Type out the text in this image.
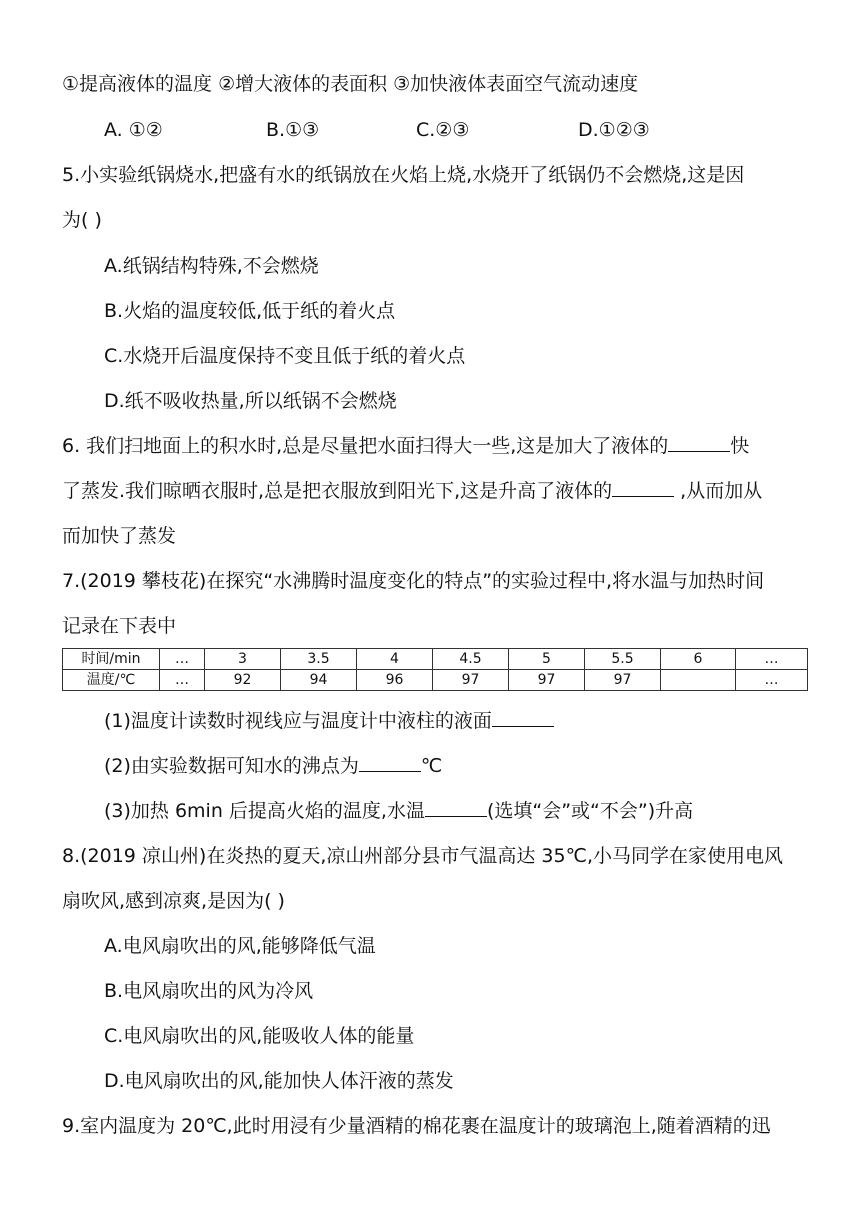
①提高液体的温度 ②增大液体的表面积 ③加快液体表面空气流动速度
A. ①②	B.①③	C.②③	D.①②③
5.小实验纸锅烧水,把盛有水的纸锅放在火焰上烧,水烧开了纸锅仍不会燃烧,这是因
为( )
A.纸锅结构特殊,不会燃烧
B.火焰的温度较低,低于纸的着火点
C.水烧开后温度保持不变且低于纸的着火点
D.纸不吸收热量,所以纸锅不会燃烧
6. 我们扫地面上的积水时,总是尽量把水面扫得大一些,这是加大了液体的	快
了蒸发.我们晾晒衣服时,总是把衣服放到阳光下,这是升高了液体的	,从而加从
而加快了蒸发
7.(2019 攀枝花)在探究“水沸腾时温度变化的特点”的实验过程中,将水温与加热时间
记录在下表中
时间/min	…	3	3.5	4	4.5	5	5.5	6	…
温度/℃	…	92	94	96	97	97	97		…
(1)温度计读数时视线应与温度计中液柱的液面
(2)由实验数据可知水的沸点为	℃
(3)加热 6min 后提高火焰的温度,水温	(选填“会”或“不会”)升高
8.(2019 凉山州)在炎热的夏天,凉山州部分县市气温高达 35℃,小马同学在家使用电风
扇吹风,感到凉爽,是因为( )
A.电风扇吹出的风,能够降低气温
B.电风扇吹出的风为冷风
C.电风扇吹出的风,能吸收人体的能量
D.电风扇吹出的风,能加快人体汗液的蒸发
9.室内温度为 20℃,此时用浸有少量酒精的棉花裹在温度计的玻璃泡上,随着酒精的迅
